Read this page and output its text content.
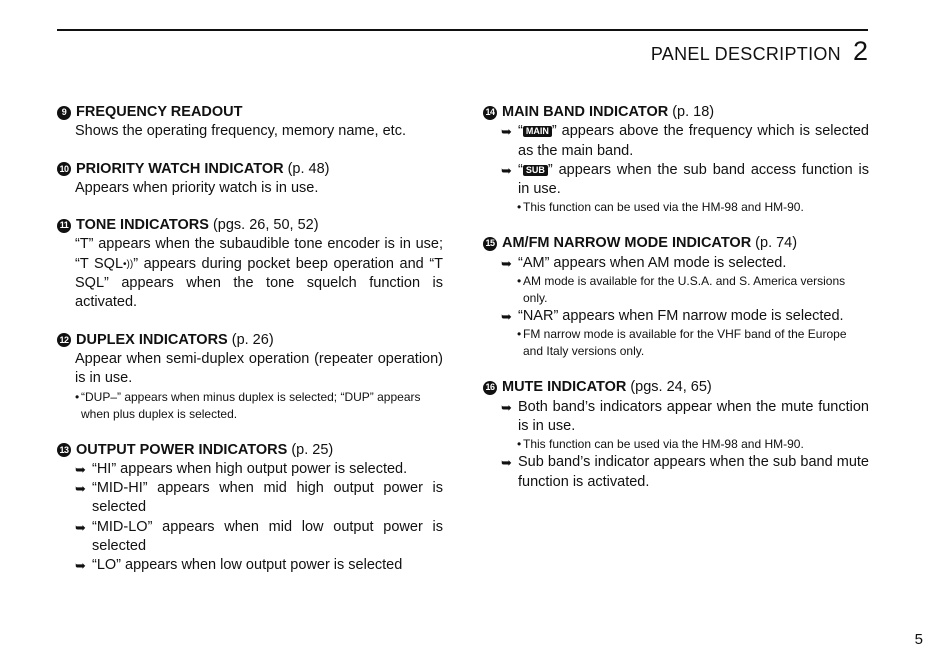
PANEL DESCRIPTION 2
9 FREQUENCY READOUT
Shows the operating frequency, memory name, etc.
10 PRIORITY WATCH INDICATOR (p. 48)
Appears when priority watch is in use.
11 TONE INDICATORS (pgs. 26, 50, 52)
“T” appears when the subaudible tone encoder is in use; “T SQL•))” appears during pocket beep operation and “T SQL” appears when the tone squelch function is activated.
12 DUPLEX INDICATORS (p. 26)
Appear when semi-duplex operation (repeater operation) is in use.
• “DUP–” appears when minus duplex is selected; “DUP” appears when plus duplex is selected.
13 OUTPUT POWER INDICATORS (p. 25)
➥ “HI” appears when high output power is selected.
➥ “MID-HI” appears when mid high output power is selected
➥ “MID-LO” appears when mid low output power is selected
➥ “LO” appears when low output power is selected
14 MAIN BAND INDICATOR (p. 18)
➥ “ MAIN ” appears above the frequency which is selected as the main band.
➥ “ SUB ” appears when the sub band access function is in use.
• This function can be used via the HM-98 and HM-90.
15 AM/FM NARROW MODE INDICATOR (p. 74)
➥ “AM” appears when AM mode is selected.
• AM mode is available for the U.S.A. and S. America versions only.
➥ “NAR” appears when FM narrow mode is selected.
• FM narrow mode is available for the VHF band of the Europe and Italy versions only.
16 MUTE INDICATOR (pgs. 24, 65)
➥ Both band’s indicators appear when the mute function is in use.
• This function can be used via the HM-98 and HM-90.
➥ Sub band’s indicator appears when the sub band mute function is activated.
5
